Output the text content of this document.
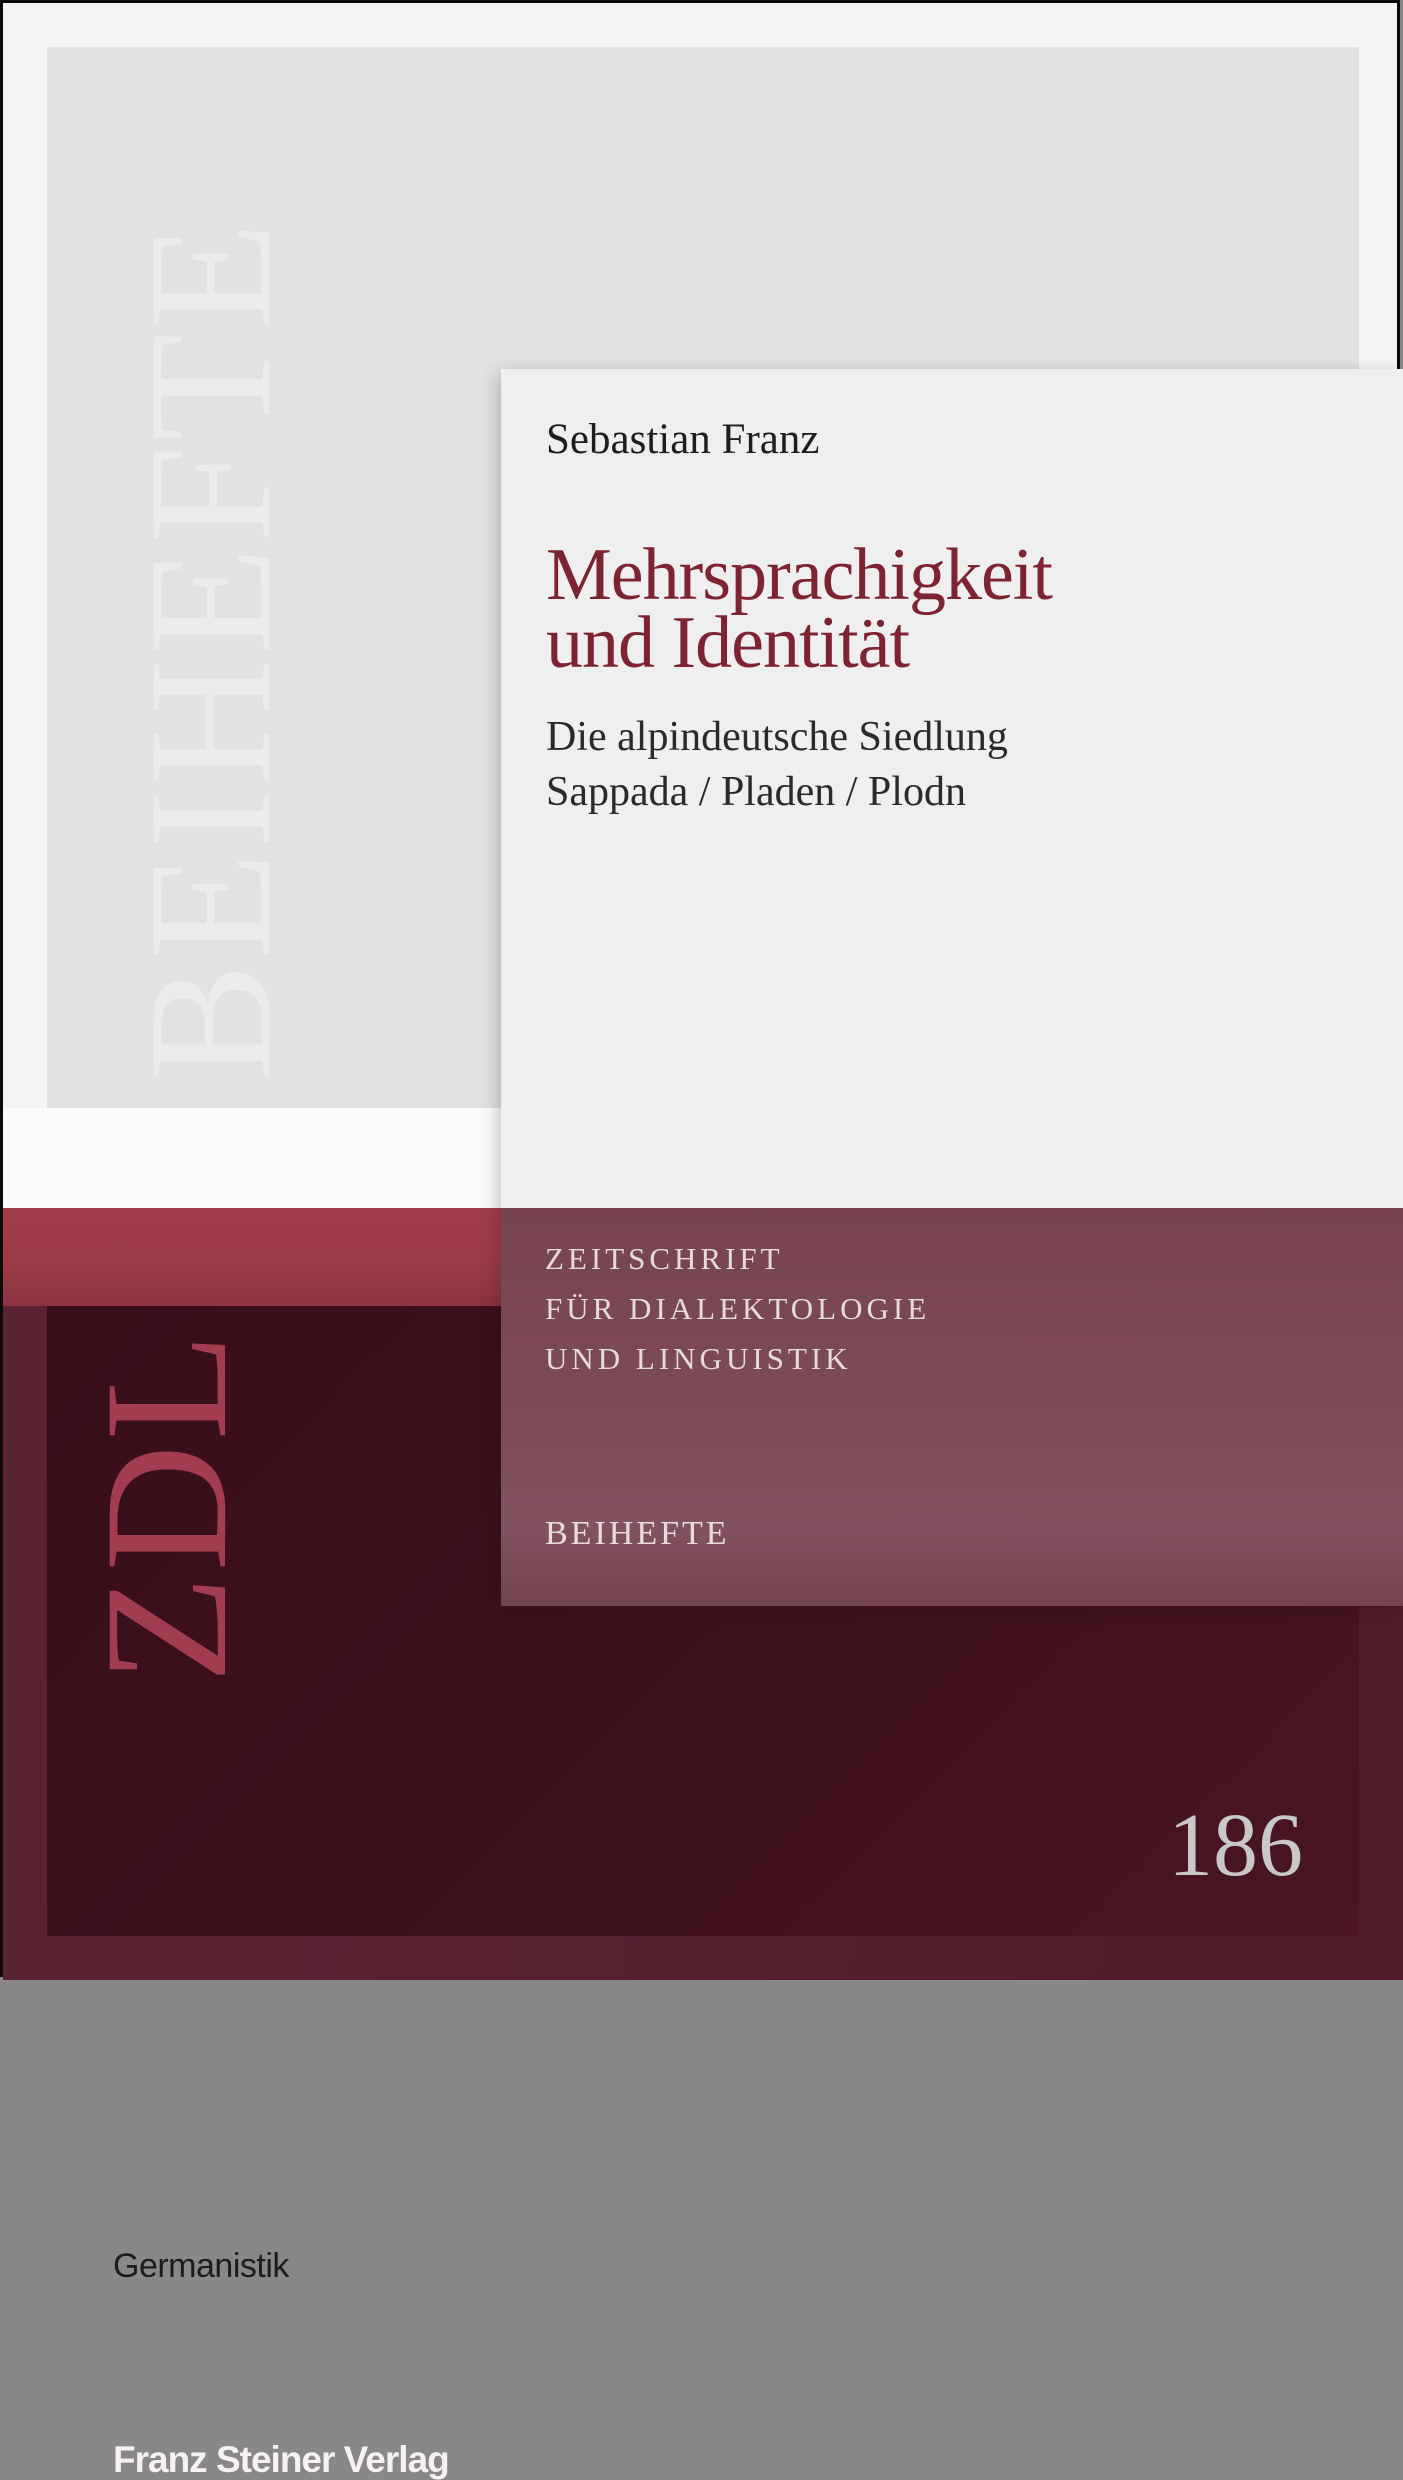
BEIHEFTE
Germanistik
Franz Steiner Verlag
ZDL
186
Sebastian Franz
Mehrsprachigkeit
und Identität
Die alpindeutsche Siedlung
Sappada / Pladen / Plodn
ZEITSCHRIFT
FÜR DIALEKTOLOGIE
UND LINGUISTIK
BEIHEFTE
